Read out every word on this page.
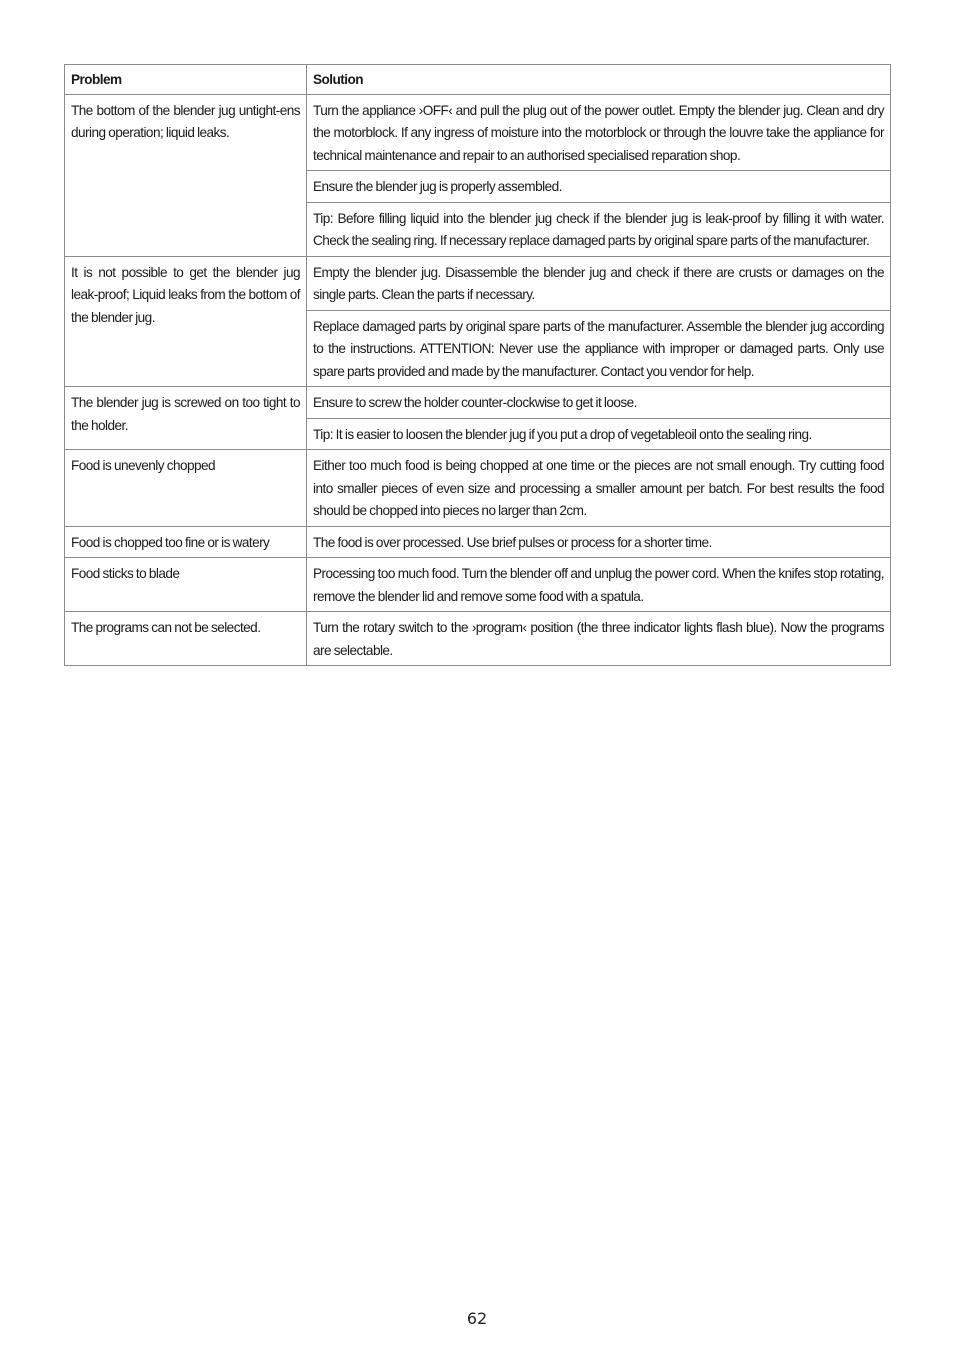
Problem	Solution
The bottom of the blender jug untight-ens during operation; liquid leaks.	Turn the appliance ›OFF‹ and pull the plug out of the power outlet. Empty the blender jug. Clean and dry the motorblock. If any ingress of moisture into the motorblock or through the louvre take the appliance for technical maintenance and repair to an authorised specialised reparation shop.
	Ensure the blender jug is properly assembled.
	Tip: Before filling liquid into the blender jug check if the blender jug is leak-proof by filling it with water. Check the sealing ring. If necessary replace damaged parts by original spare parts of the manufacturer.
It is not possible to get the blender jug leak-proof; Liquid leaks from the bottom of the blender jug.	Empty the blender jug. Disassemble the blender jug and check if there are crusts or damages on the single parts. Clean the parts if necessary.
	Replace damaged parts by original spare parts of the manufacturer. Assemble the blender jug according to the instructions. ATTENTION: Never use the appliance with improper or damaged parts. Only use spare parts provided and made by the manufacturer. Contact you vendor for help.
The blender jug is screwed on too tight to the holder.	Ensure to screw the holder counter-clockwise to get it loose.
	Tip: It is easier to loosen the blender jug if you put a drop of vegetableoil onto the sealing ring.
Food is unevenly chopped	Either too much food is being chopped at one time or the pieces are not small enough. Try cutting food into smaller pieces of even size and processing a smaller amount per batch. For best results the food should be chopped into pieces no larger than 2cm.
Food is chopped too fine or is watery	The food is over processed. Use brief pulses or process for a shorter time.
Food sticks to blade	Processing too much food. Turn the blender off and unplug the power cord. When the knifes stop rotating, remove the blender lid and remove some food with a spatula.
The programs can not be selected.	Turn the rotary switch to the ›program‹ position (the three indicator lights flash blue). Now the programs are selectable.
62
